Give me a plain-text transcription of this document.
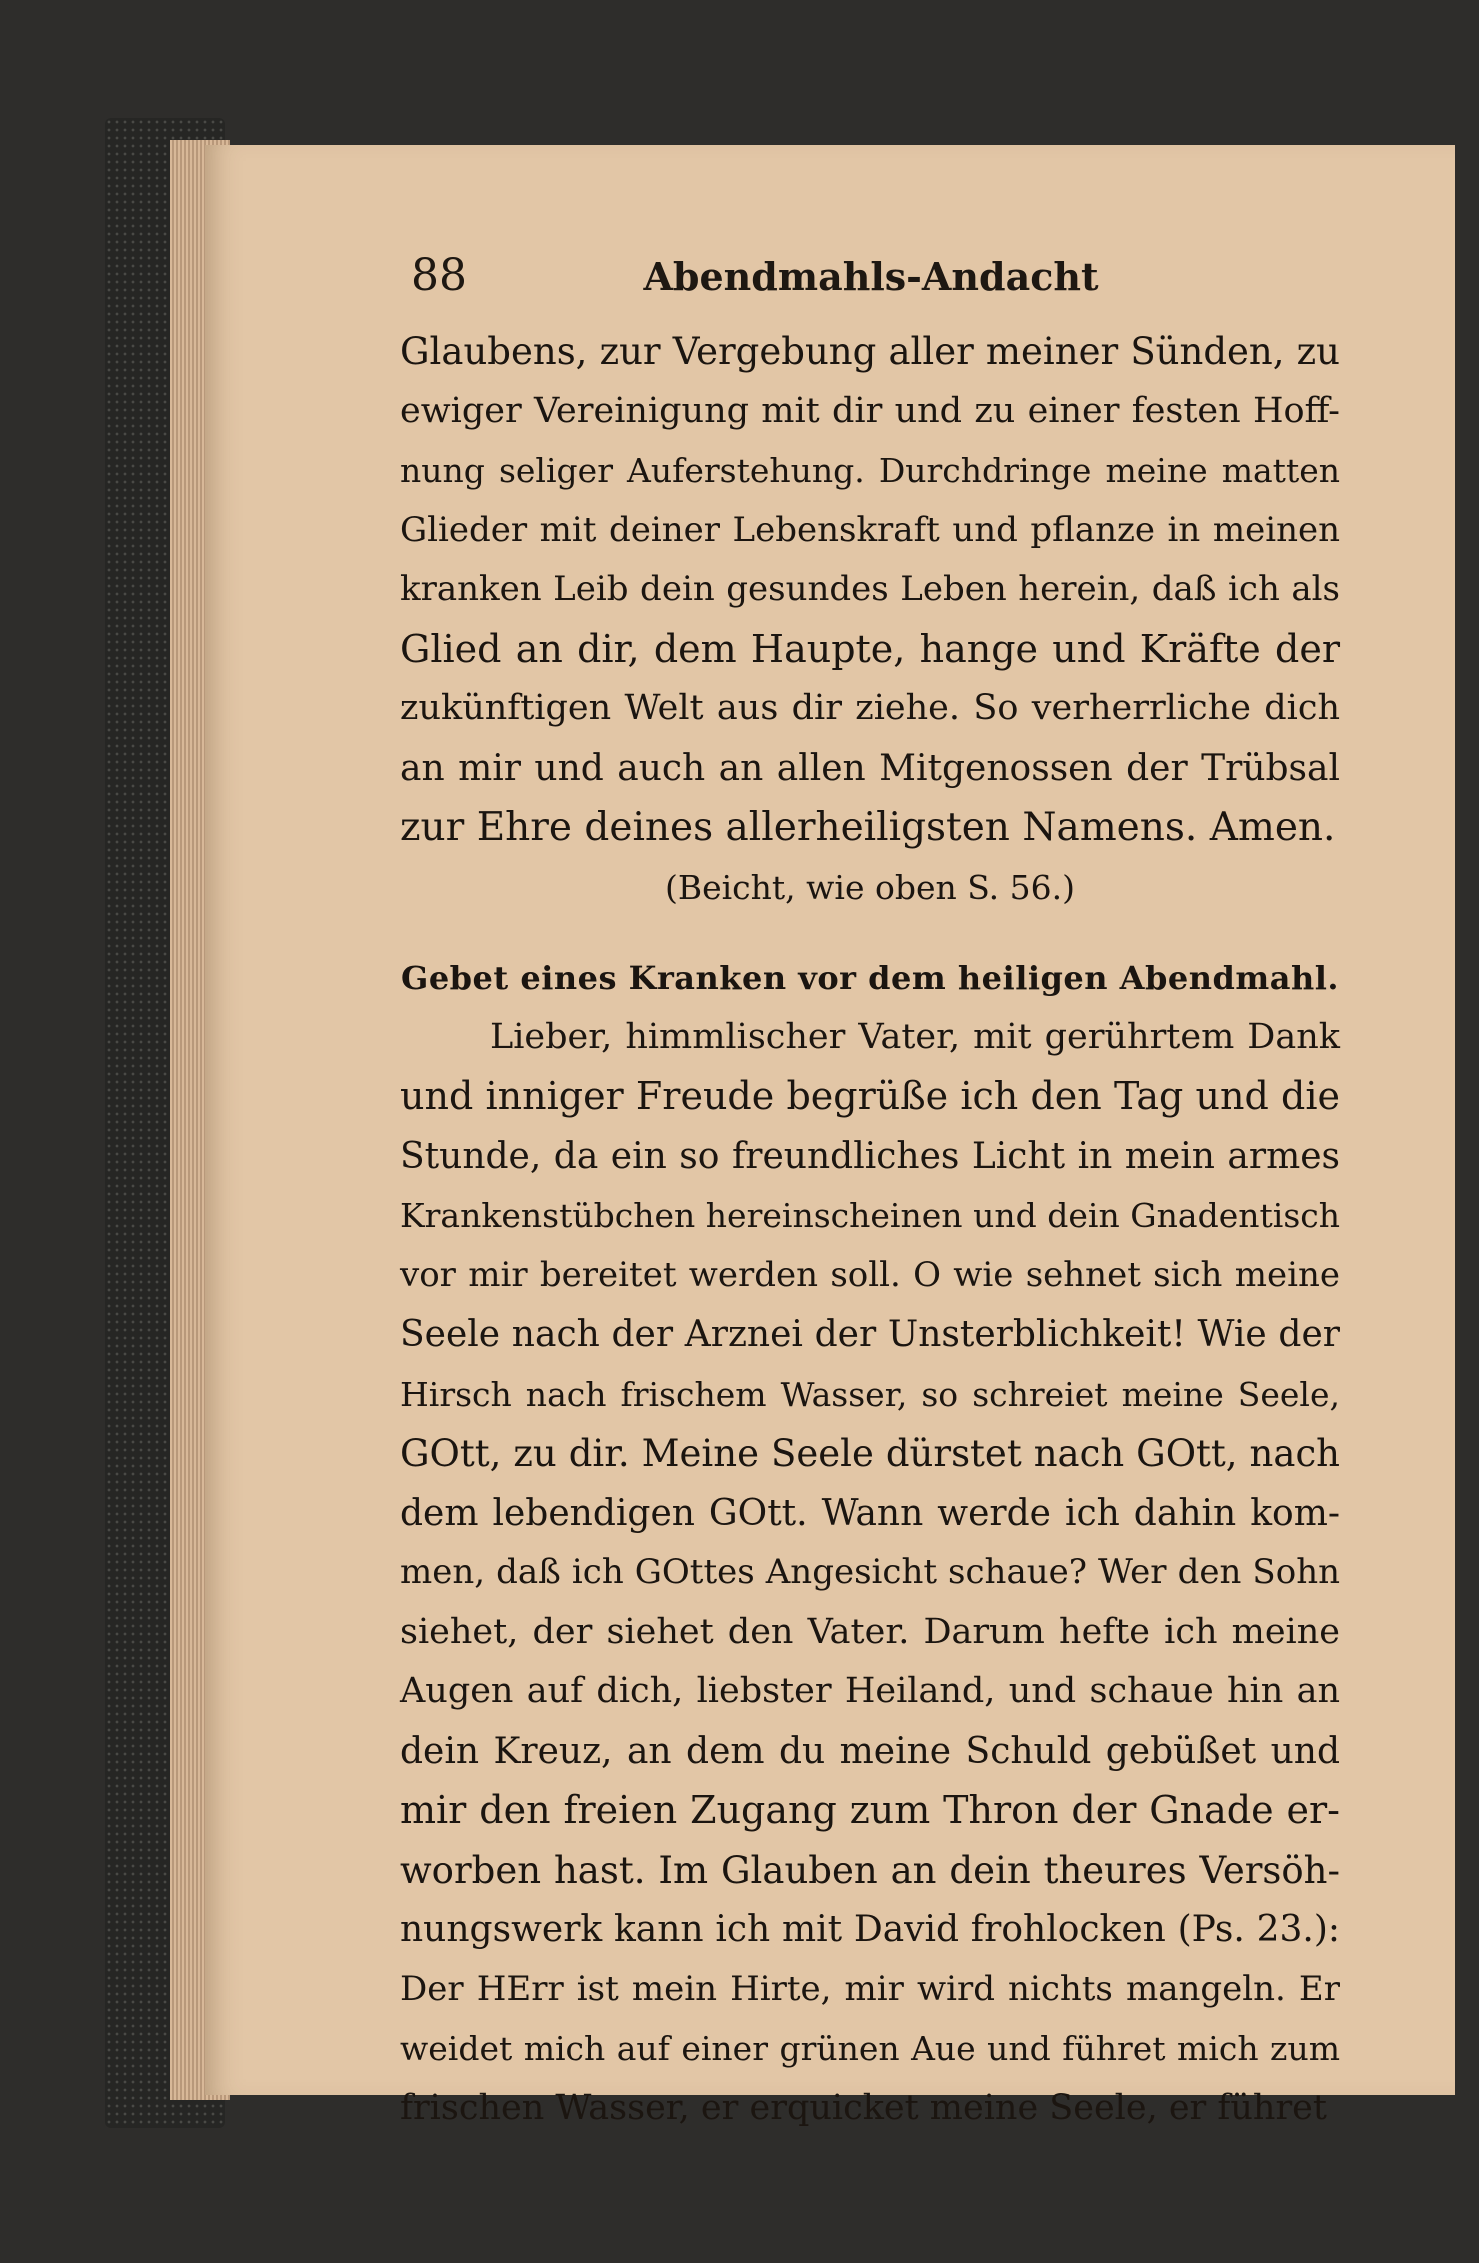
88	Abendmahls-Andacht
Glaubens, zur Vergebung aller meiner Sünden, zu
ewiger Vereinigung mit dir und zu einer festen Hoff-
nung seliger Auferstehung. Durchdringe meine matten
Glieder mit deiner Lebenskraft und pflanze in meinen
kranken Leib dein gesundes Leben herein, daß ich als
Glied an dir, dem Haupte, hange und Kräfte der
zukünftigen Welt aus dir ziehe. So verherrliche dich
an mir und auch an allen Mitgenossen der Trübsal
zur Ehre deines allerheiligsten Namens. Amen.
(Beicht, wie oben S. 56.)
Gebet eines Kranken vor dem heiligen Abendmahl.
Lieber, himmlischer Vater, mit gerührtem Dank
und inniger Freude begrüße ich den Tag und die
Stunde, da ein so freundliches Licht in mein armes
Krankenstübchen hereinscheinen und dein Gnadentisch
vor mir bereitet werden soll. O wie sehnet sich meine
Seele nach der Arznei der Unsterblichkeit! Wie der
Hirsch nach frischem Wasser, so schreiet meine Seele,
GOtt, zu dir. Meine Seele dürstet nach GOtt, nach
dem lebendigen GOtt. Wann werde ich dahin kom-
men, daß ich GOttes Angesicht schaue? Wer den Sohn
siehet, der siehet den Vater. Darum hefte ich meine
Augen auf dich, liebster Heiland, und schaue hin an
dein Kreuz, an dem du meine Schuld gebüßet und
mir den freien Zugang zum Thron der Gnade er-
worben hast. Im Glauben an dein theures Versöh-
nungswerk kann ich mit David frohlocken (Ps. 23.):
Der HErr ist mein Hirte, mir wird nichts mangeln. Er
weidet mich auf einer grünen Aue und führet mich zum
frischen Wasser, er erquicket meine Seele, er führet
